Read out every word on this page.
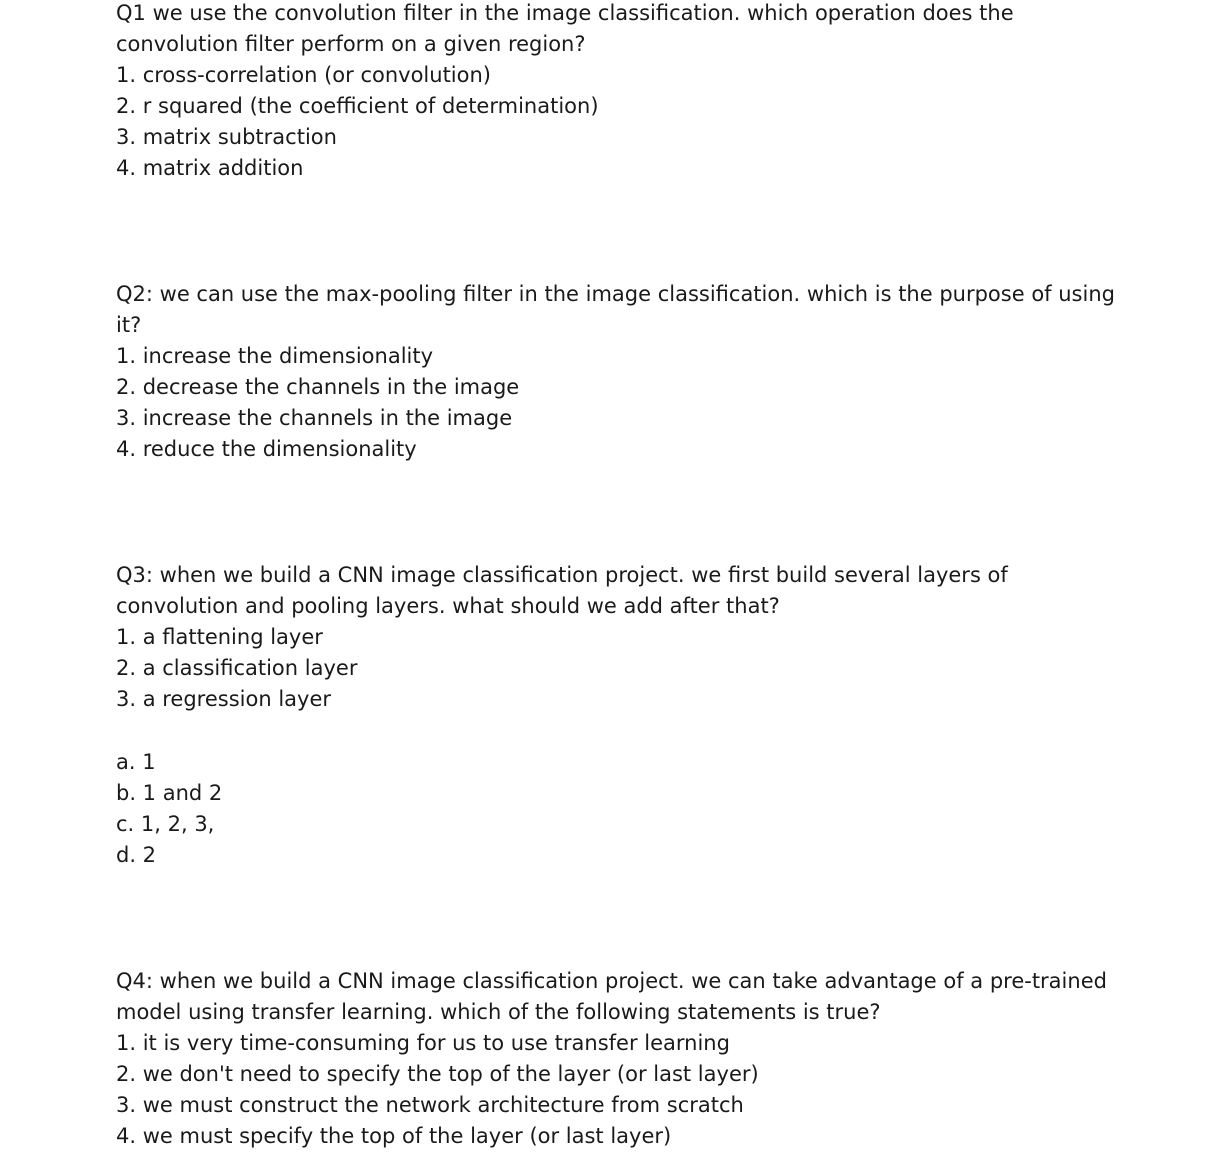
Q1 we use the convolution filter in the image classification. which operation does the
convolution filter perform on a given region?
1. cross-correlation (or convolution)
2. r squared (the coefficient of determination)
3. matrix subtraction
4. matrix addition
Q2: we can use the max-pooling filter in the image classification. which is the purpose of using
it?
1. increase the dimensionality
2. decrease the channels in the image
3. increase the channels in the image
4. reduce the dimensionality
Q3: when we build a CNN image classification project. we first build several layers of
convolution and pooling layers. what should we add after that?
1. a flattening layer
2. a classification layer
3. a regression layer
a. 1
b. 1 and 2
c. 1, 2, 3,
d. 2
Q4: when we build a CNN image classification project. we can take advantage of a pre-trained
model using transfer learning. which of the following statements is true?
1. it is very time-consuming for us to use transfer learning
2. we don't need to specify the top of the layer (or last layer)
3. we must construct the network architecture from scratch
4. we must specify the top of the layer (or last layer)
